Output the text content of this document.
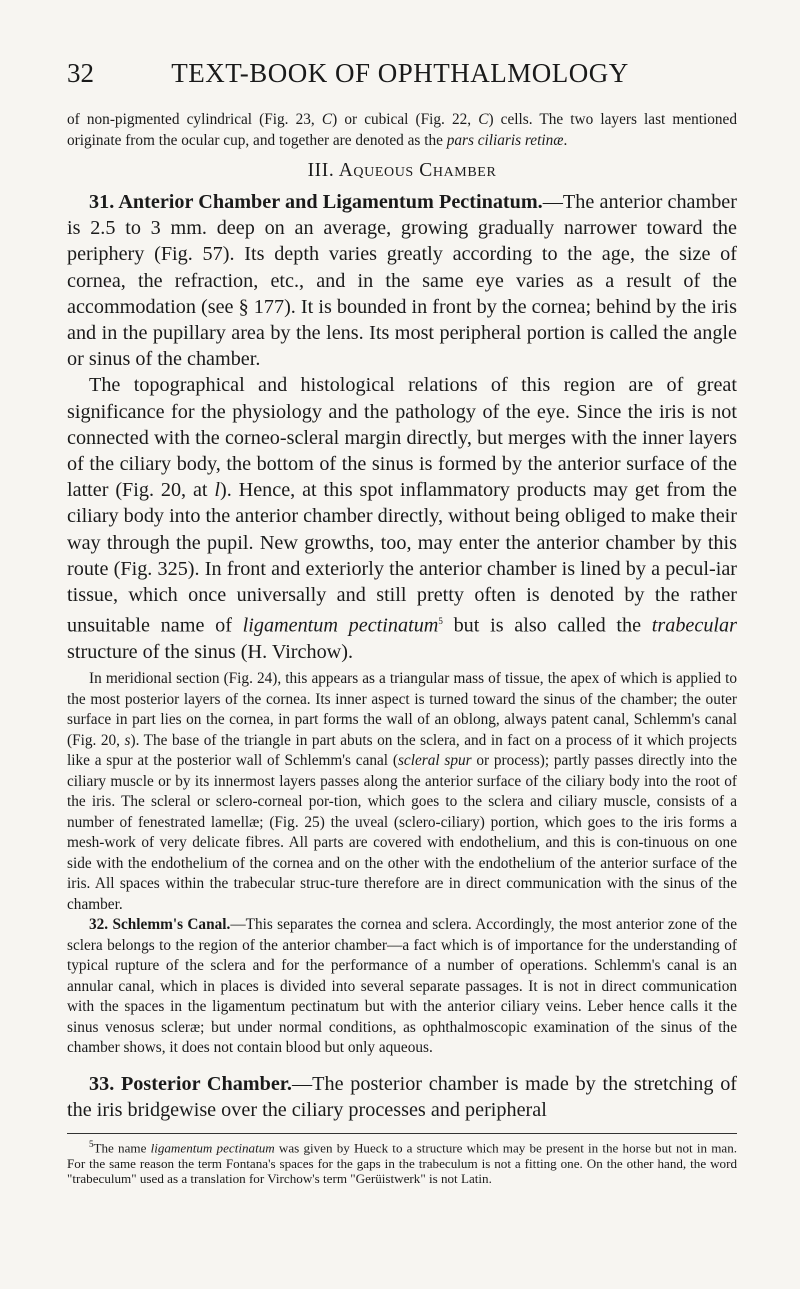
32	TEXT-BOOK OF OPHTHALMOLOGY

of non-pigmented cylindrical (Fig. 23, C) or cubical (Fig. 22, C) cells. The two layers last mentioned originate from the ocular cup, and together are denoted as the pars ciliaris retinæ.

III. Aqueous Chamber

31. Anterior Chamber and Ligamentum Pectinatum.—The anterior chamber is 2.5 to 3 mm. deep on an average, growing gradually narrower toward the periphery (Fig. 57). Its depth varies greatly according to the age, the size of cornea, the refraction, etc., and in the same eye varies as a result of the accommodation (see § 177). It is bounded in front by the cornea; behind by the iris and in the pupillary area by the lens. Its most peripheral portion is called the angle or sinus of the chamber.

The topographical and histological relations of this region are of great significance for the physiology and the pathology of the eye. Since the iris is not connected with the corneo-scleral margin directly, but merges with the inner layers of the ciliary body, the bottom of the sinus is formed by the anterior surface of the latter (Fig. 20, at l). Hence, at this spot inflammatory products may get from the ciliary body into the anterior chamber directly, without being obliged to make their way through the pupil. New growths, too, may enter the anterior chamber by this route (Fig. 325). In front and exteriorly the anterior chamber is lined by a pecul-iar tissue, which once universally and still pretty often is denoted by the rather unsuitable name of ligamentum pectinatum$^5$ but is also called the trabecular structure of the sinus (H. Virchow).

In meridional section (Fig. 24), this appears as a triangular mass of tissue, the apex of which is applied to the most posterior layers of the cornea. Its inner aspect is turned toward the sinus of the chamber; the outer surface in part lies on the cornea, in part forms the wall of an oblong, always patent canal, Schlemm's canal (Fig. 20, s). The base of the triangle in part abuts on the sclera, and in fact on a process of it which projects like a spur at the posterior wall of Schlemm's canal (scleral spur or process); partly passes directly into the ciliary muscle or by its innermost layers passes along the anterior surface of the ciliary body into the root of the iris. The scleral or sclero-corneal por-tion, which goes to the sclera and ciliary muscle, consists of a number of fenestrated lamellæ; (Fig. 25) the uveal (sclero-ciliary) portion, which goes to the iris forms a mesh-work of very delicate fibres. All parts are covered with endothelium, and this is con-tinuous on one side with the endothelium of the cornea and on the other with the endothelium of the anterior surface of the iris. All spaces within the trabecular struc-ture therefore are in direct communication with the sinus of the chamber.

32. Schlemm's Canal.—This separates the cornea and sclera. Accordingly, the most anterior zone of the sclera belongs to the region of the anterior chamber—a fact which is of importance for the understanding of typical rupture of the sclera and for the performance of a number of operations. Schlemm's canal is an annular canal, which in places is divided into several separate passages. It is not in direct communication with the spaces in the ligamentum pectinatum but with the anterior ciliary veins. Leber hence calls it the sinus venosus scleræ; but under normal conditions, as ophthalmoscopic examination of the sinus of the chamber shows, it does not contain blood but only aqueous.

33. Posterior Chamber.—The posterior chamber is made by the stretching of the iris bridgewise over the ciliary processes and peripheral

$^5$The name ligamentum pectinatum was given by Hueck to a structure which may be present in the horse but not in man. For the same reason the term Fontana's spaces for the gaps in the trabeculum is not a fitting one. On the other hand, the word "trabeculum" used as a translation for Virchow's term "Gerüistwerk" is not Latin.
